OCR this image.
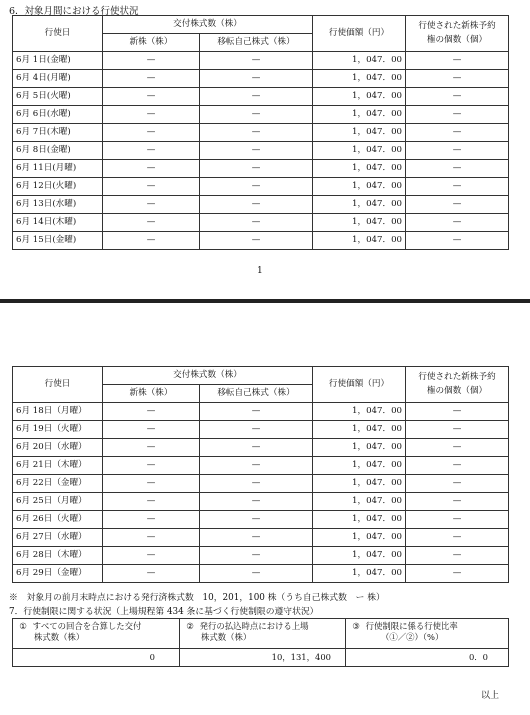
6．対象月間における行使状況
行使日	交付株式数（株）		行使価額（円）	行使された新株予約
権の個数（個）
	新株（株）	移転自己株式（株）		
6月 1日(金曜)	—	—	1，047．00	—
6月 4日(月曜)	—	—	1，047．00	—
6月 5日(火曜)	—	—	1，047．00	—
6月 6日(水曜)	—	—	1，047．00	—
6月 7日(木曜)	—	—	1，047．00	—
6月 8日(金曜)	—	—	1，047．00	—
6月 11日(月曜)	—	—	1，047．00	—
6月 12日(火曜)	—	—	1，047．00	—
6月 13日(水曜)	—	—	1，047．00	—
6月 14日(木曜)	—	—	1，047．00	—
6月 15日(金曜)	—	—	1，047．00	—
1
行使日	交付株式数（株）		行使価額（円）	行使された新株予約
権の個数（個）
	新株（株）	移転自己株式（株）		
6月 18日（月曜）	—	—	1，047．00	—
6月 19日（火曜）	—	—	1，047．00	—
6月 20日（水曜）	—	—	1，047．00	—
6月 21日（木曜）	—	—	1，047．00	—
6月 22日（金曜）	—	—	1，047．00	—
6月 25日（月曜）	—	—	1，047．00	—
6月 26日（火曜）	—	—	1，047．00	—
6月 27日（水曜）	—	—	1，047．00	—
6月 28日（木曜）	—	—	1，047．00	—
6月 29日（金曜）	—	—	1，047．00	—
※　対象月の前月末時点における発行済株式数　10，201，100 株（うち自己株式数　ー 株）
7．行使制限に関する状況（上場規程第 434 条に基づく行使制限の遵守状況）
① すべての回合を合算した交付
株式数（株）	② 発行の払込時点における上場
株式数（株）	③ 行使制限に係る行使比率
（①／②）（%）
0	10，131，400	0．0
以上
